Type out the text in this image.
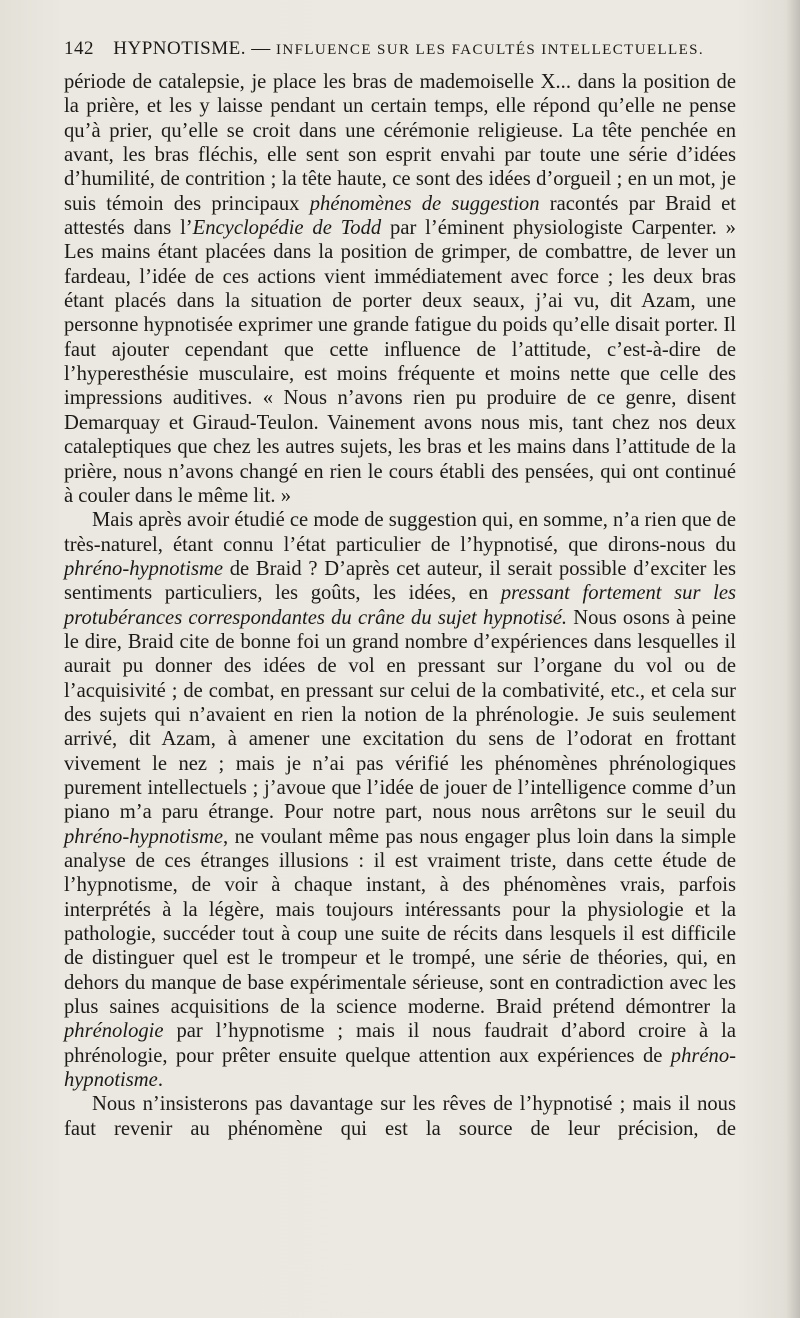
142 HYPNOTISME. — INFLUENCE SUR LES FACULTÉS INTELLECTUELLES.

période de catalepsie, je place les bras de mademoiselle X... dans la position de la prière, et les y laisse pendant un certain temps, elle répond qu’elle ne pense qu’à prier, qu’elle se croit dans une cérémonie religieuse. La tête penchée en avant, les bras fléchis, elle sent son esprit envahi par toute une série d’idées d’humilité, de contrition ; la tête haute, ce sont des idées d’orgueil ; en un mot, je suis témoin des principaux phénomènes de suggestion racontés par Braid et attestés dans l’Encyclopédie de Todd par l’éminent physiologiste Carpenter. » Les mains étant placées dans la position de grimper, de combattre, de lever un fardeau, l’idée de ces actions vient immédiatement avec force ; les deux bras étant placés dans la situation de porter deux seaux, j’ai vu, dit Azam, une personne hypnotisée exprimer une grande fatigue du poids qu’elle disait porter. Il faut ajouter cependant que cette influence de l’attitude, c’est-à-dire de l’hyperesthésie musculaire, est moins fréquente et moins nette que celle des impressions auditives. « Nous n’avons rien pu produire de ce genre, disent Demarquay et Giraud-Teulon. Vainement avons nous mis, tant chez nos deux cataleptiques que chez les autres sujets, les bras et les mains dans l’attitude de la prière, nous n’avons changé en rien le cours établi des pensées, qui ont continué à couler dans le même lit. »

Mais après avoir étudié ce mode de suggestion qui, en somme, n’a rien que de très-naturel, étant connu l’état particulier de l’hypnotisé, que dirons-nous du phréno-hypnotisme de Braid ? D’après cet auteur, il serait possible d’exciter les sentiments particuliers, les goûts, les idées, en pressant fortement sur les protubérances correspondantes du crâne du sujet hypnotisé. Nous osons à peine le dire, Braid cite de bonne foi un grand nombre d’expériences dans lesquelles il aurait pu donner des idées de vol en pressant sur l’organe du vol ou de l’acquisivité ; de combat, en pressant sur celui de la combativité, etc., et cela sur des sujets qui n’avaient en rien la notion de la phrénologie. Je suis seulement arrivé, dit Azam, à amener une excitation du sens de l’odorat en frottant vivement le nez ; mais je n’ai pas vérifié les phénomènes phrénologiques purement intellectuels ; j’avoue que l’idée de jouer de l’intelligence comme d’un piano m’a paru étrange. Pour notre part, nous nous arrêtons sur le seuil du phréno-hypnotisme, ne voulant même pas nous engager plus loin dans la simple analyse de ces étranges illusions : il est vraiment triste, dans cette étude de l’hypnotisme, de voir à chaque instant, à des phénomènes vrais, parfois interprétés à la légère, mais toujours intéressants pour la physiologie et la pathologie, succéder tout à coup une suite de récits dans lesquels il est difficile de distinguer quel est le trompeur et le trompé, une série de théories, qui, en dehors du manque de base expérimentale sérieuse, sont en contradiction avec les plus saines acquisitions de la science moderne. Braid prétend démontrer la phrénologie par l’hypnotisme ; mais il nous faudrait d’abord croire à la phrénologie, pour prêter ensuite quelque attention aux expériences de phréno-hypnotisme.

Nous n’insisterons pas davantage sur les rêves de l’hypnotisé ; mais il nous faut revenir au phénomène qui est la source de leur précision, de
